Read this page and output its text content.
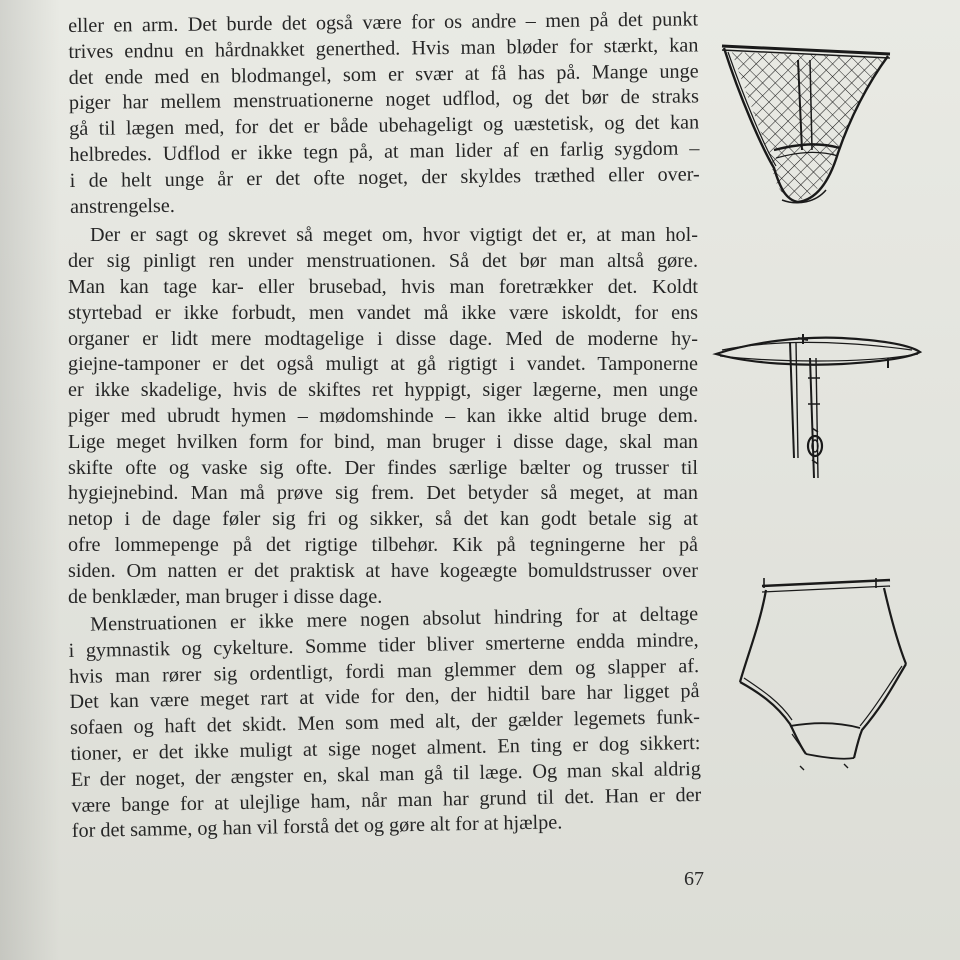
eller en arm. Det burde det også være for os andre – men på det punkt
trives endnu en hårdnakket generthed. Hvis man bløder for stærkt, kan
det ende med en blodmangel, som er svær at få has på. Mange unge
piger har mellem menstruationerne noget udflod, og det bør de straks
gå til lægen med, for det er både ubehageligt og uæstetisk, og det kan
helbredes. Udflod er ikke tegn på, at man lider af en farlig sygdom –
i de helt unge år er det ofte noget, der skyldes træthed eller over-
anstrengelse.
Der er sagt og skrevet så meget om, hvor vigtigt det er, at man hol-
der sig pinligt ren under menstruationen. Så det bør man altså gøre.
Man kan tage kar- eller brusebad, hvis man foretrækker det. Koldt
styrtebad er ikke forbudt, men vandet må ikke være iskoldt, for ens
organer er lidt mere modtagelige i disse dage. Med de moderne hy-
giejne-tamponer er det også muligt at gå rigtigt i vandet. Tamponerne
er ikke skadelige, hvis de skiftes ret hyppigt, siger lægerne, men unge
piger med ubrudt hymen – mødomshinde – kan ikke altid bruge dem.
Lige meget hvilken form for bind, man bruger i disse dage, skal man
skifte ofte og vaske sig ofte. Der findes særlige bælter og trusser til
hygiejnebind. Man må prøve sig frem. Det betyder så meget, at man
netop i de dage føler sig fri og sikker, så det kan godt betale sig at
ofre lommepenge på det rigtige tilbehør. Kik på tegningerne her på
siden. Om natten er det praktisk at have kogeægte bomuldstrusser over
de benklæder, man bruger i disse dage.
Menstruationen er ikke mere nogen absolut hindring for at deltage
i gymnastik og cykelture. Somme tider bliver smerterne endda mindre,
hvis man rører sig ordentligt, fordi man glemmer dem og slapper af.
Det kan være meget rart at vide for den, der hidtil bare har ligget på
sofaen og haft det skidt. Men som med alt, der gælder legemets funk-
tioner, er det ikke muligt at sige noget alment. En ting er dog sikkert:
Er der noget, der ængster en, skal man gå til læge. Og man skal aldrig
være bange for at ulejlige ham, når man har grund til det. Han er der
for det samme, og han vil forstå det og gøre alt for at hjælpe.
67
